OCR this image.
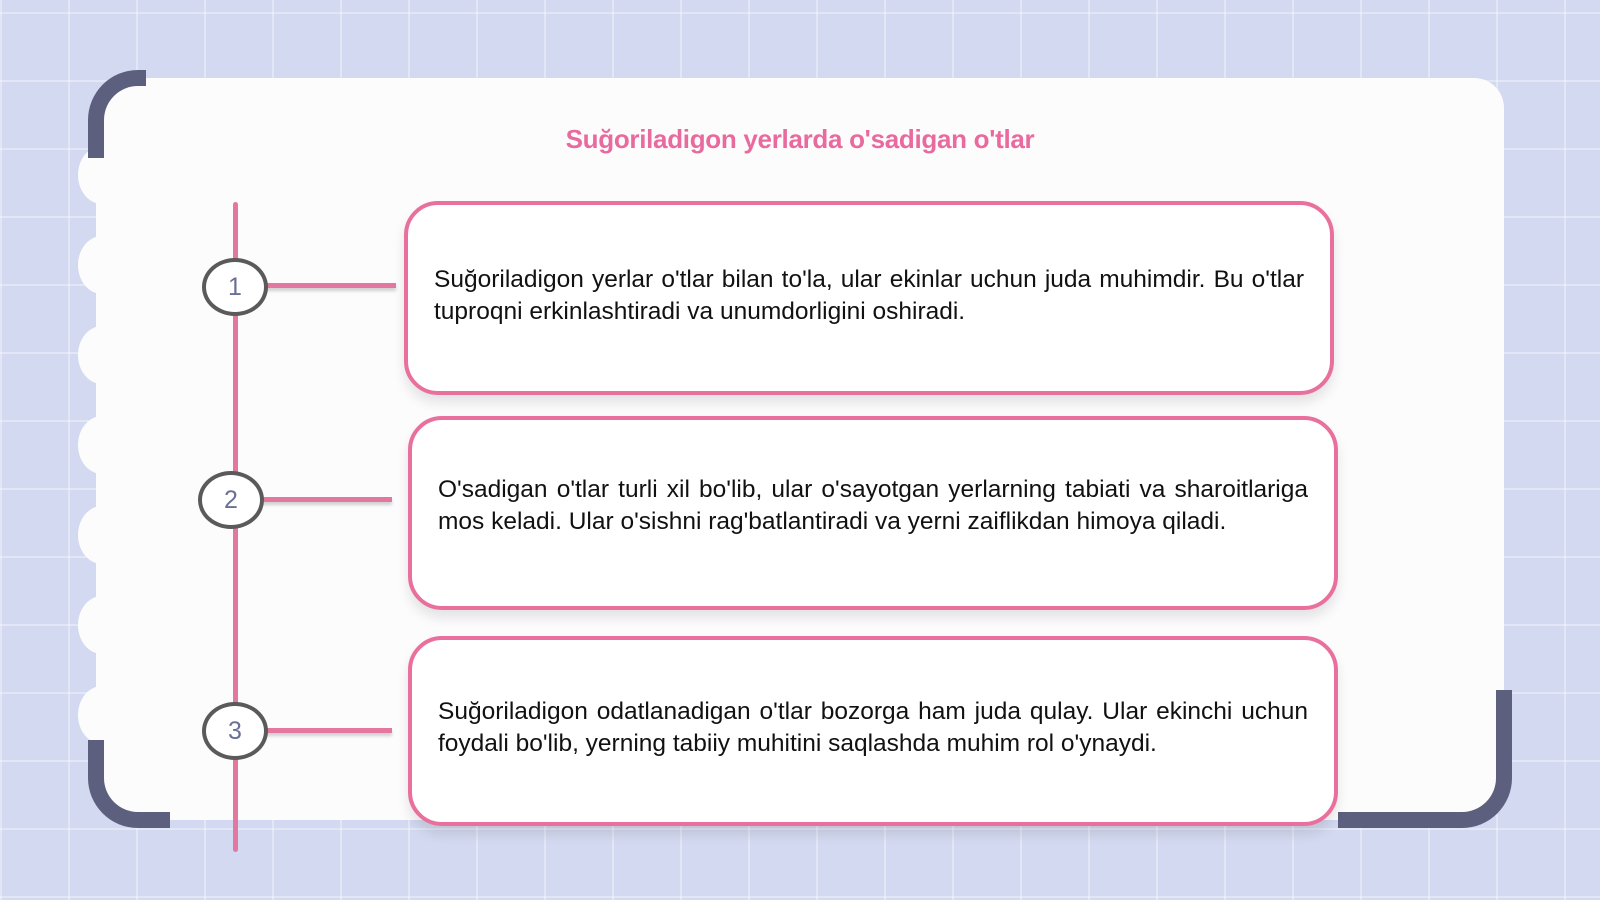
Suğoriladigon yerlarda o'sadigan o'tlar
1	Suğoriladigon yerlar o'tlar bilan to'la, ular ekinlar uchun juda muhimdir. Bu o'tlar tuproqni erkinlashtiradi va unumdorligini oshiradi.

2	O'sadigan o'tlar turli xil bo'lib, ular o'sayotgan yerlarning tabiati va sharoitlariga mos keladi. Ular o'sishni rag'batlantiradi va yerni zaiflikdan himoya qiladi.

3

Suğoriladigon odatlanadigan o'tlar bozorga ham juda qulay. Ular ekinchi uchun foydali bo'lib, yerning tabiiy muhitini saqlashda muhim rol o'ynaydi.
